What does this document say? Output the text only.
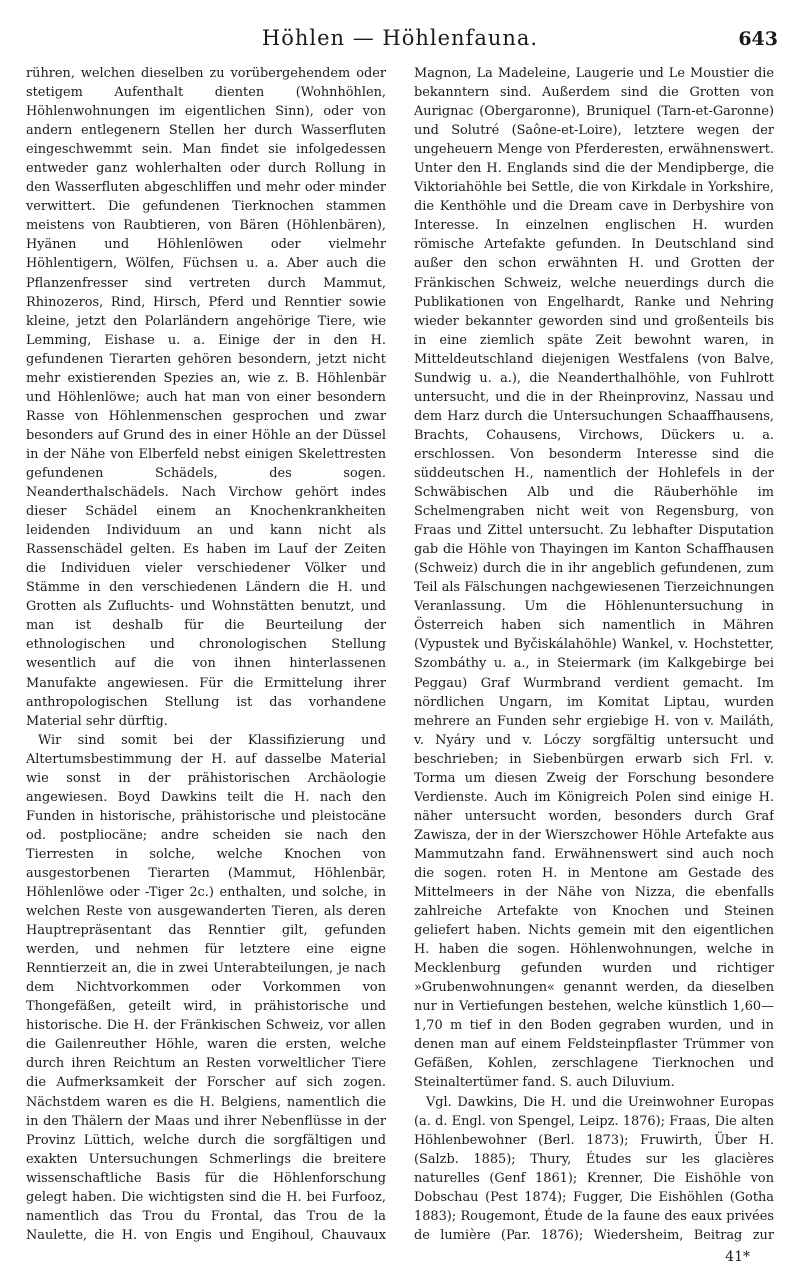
Höhlen — Höhlenfauna.	643

rühren, welchen dieselben zu vorübergehendem oder stetigem Aufenthalt dienten (Wohnhöhlen, Höhlenwohnungen im eigentlichen Sinn), oder von andern entlegenern Stellen her durch Wasserfluten eingeschwemmt sein. Man findet sie infolgedessen entweder ganz wohlerhalten oder durch Rollung in den Wasserfluten abgeschliffen und mehr oder minder verwittert. Die gefundenen Tierknochen stammen meistens von Raubtieren, von Bären (Höhlenbären), Hyänen und Höhlenlöwen oder vielmehr Höhlentigern, Wölfen, Füchsen u. a. Aber auch die Pflanzenfresser sind vertreten durch Mammut, Rhinozeros, Rind, Hirsch, Pferd und Renntier sowie kleine, jetzt den Polarländern angehörige Tiere, wie Lemming, Eishase u. a. Einige der in den H. gefundenen Tierarten gehören besondern, jetzt nicht mehr existierenden Spezies an, wie z. B. Höhlenbär und Höhlenlöwe; auch hat man von einer besondern Rasse von Höhlenmenschen gesprochen und zwar besonders auf Grund des in einer Höhle an der Düssel in der Nähe von Elberfeld nebst einigen Skelettresten gefundenen Schädels, des sogen. Neanderthalschädels. Nach Virchow gehört indes dieser Schädel einem an Knochenkrankheiten leidenden Individuum an und kann nicht als Rassenschädel gelten. Es haben im Lauf der Zeiten die Individuen vieler verschiedener Völker und Stämme in den verschiedenen Ländern die H. und Grotten als Zufluchts- und Wohnstätten benutzt, und man ist deshalb für die Beurteilung der ethnologischen und chronologischen Stellung wesentlich auf die von ihnen hinterlassenen Manufakte angewiesen. Für die Ermittelung ihrer anthropologischen Stellung ist das vorhandene Material sehr dürftig.

Wir sind somit bei der Klassifizierung und Altertumsbestimmung der H. auf dasselbe Material wie sonst in der prähistorischen Archäologie angewiesen. Boyd Dawkins teilt die H. nach den Funden in historische, prähistorische und pleistocäne od. postpliocäne; andre scheiden sie nach den Tierresten in solche, welche Knochen von ausgestorbenen Tierarten (Mammut, Höhlenbär, Höhlenlöwe oder -Tiger 2c.) enthalten, und solche, in welchen Reste von ausgewanderten Tieren, als deren Hauptrepräsentant das Renntier gilt, gefunden werden, und nehmen für letztere eine eigne Renntierzeit an, die in zwei Unterabteilungen, je nach dem Nichtvorkommen oder Vorkommen von Thongefäßen, geteilt wird, in prähistorische und historische. Die H. der Fränkischen Schweiz, vor allen die Gailenreuther Höhle, waren die ersten, welche durch ihren Reichtum an Resten vorweltlicher Tiere die Aufmerksamkeit der Forscher auf sich zogen. Nächstdem waren es die H. Belgiens, namentlich die in den Thälern der Maas und ihrer Nebenflüsse in der Provinz Lüttich, welche durch die sorgfältigen und exakten Untersuchungen Schmerlings die breitere wissenschaftliche Basis für die Höhlenforschung gelegt haben. Die wichtigsten sind die H. bei Furfooz, namentlich das Trou du Frontal, das Trou de la Naulette, die H. von Engis und Engihoul, Chauvaux

Magnon, La Madeleine, Laugerie und Le Moustier die bekanntern sind. Außerdem sind die Grotten von Aurignac (Obergaronne), Bruniquel (Tarn-et-Garonne) und Solutré (Saône-et-Loire), letztere wegen der ungeheuern Menge von Pferderesten, erwähnenswert. Unter den H. Englands sind die der Mendipberge, die Viktoriahöhle bei Settle, die von Kirkdale in Yorkshire, die Kenthöhle und die Dream cave in Derbyshire von Interesse. In einzelnen englischen H. wurden römische Artefakte gefunden. In Deutschland sind außer den schon erwähnten H. und Grotten der Fränkischen Schweiz, welche neuerdings durch die Publikationen von Engelhardt, Ranke und Nehring wieder bekannter geworden sind und großenteils bis in eine ziemlich späte Zeit bewohnt waren, in Mitteldeutschland diejenigen Westfalens (von Balve, Sundwig u. a.), die Neanderthalhöhle, von Fuhlrott untersucht, und die in der Rheinprovinz, Nassau und dem Harz durch die Untersuchungen Schaaffhausens, Brachts, Cohausens, Virchows, Dückers u. a. erschlossen. Von besonderm Interesse sind die süddeutschen H., namentlich der Hohlefels in der Schwäbischen Alb und die Räuberhöhle im Schelmengraben nicht weit von Regensburg, von Fraas und Zittel untersucht. Zu lebhafter Disputation gab die Höhle von Thayingen im Kanton Schaffhausen (Schweiz) durch die in ihr angeblich gefundenen, zum Teil als Fälschungen nachgewiesenen Tierzeichnungen Veranlassung. Um die Höhlenuntersuchung in Österreich haben sich namentlich in Mähren (Vypustek und Byčiskálahöhle) Wankel, v. Hochstetter, Szombáthy u. a., in Steiermark (im Kalkgebirge bei Peggau) Graf Wurmbrand verdient gemacht. Im nördlichen Ungarn, im Komitat Liptau, wurden mehrere an Funden sehr ergiebige H. von v. Mailáth, v. Nyáry und v. Lóczy sorgfältig untersucht und beschrieben; in Siebenbürgen erwarb sich Frl. v. Torma um diesen Zweig der Forschung besondere Verdienste. Auch im Königreich Polen sind einige H. näher untersucht worden, besonders durch Graf Zawisza, der in der Wierszchower Höhle Artefakte aus Mammutzahn fand. Erwähnenswert sind auch noch die sogen. roten H. in Mentone am Gestade des Mittelmeers in der Nähe von Nizza, die ebenfalls zahlreiche Artefakte von Knochen und Steinen geliefert haben. Nichts gemein mit den eigentlichen H. haben die sogen. Höhlenwohnungen, welche in Mecklenburg gefunden wurden und richtiger »Grubenwohnungen« genannt werden, da dieselben nur in Vertiefungen bestehen, welche künstlich 1,60—1,70 m tief in den Boden gegraben wurden, und in denen man auf einem Feldsteinpflaster Trümmer von Gefäßen, Kohlen, zerschlagene Tierknochen und Steinaltertümer fand. S. auch Diluvium.

Vgl. Dawkins, Die H. und die Ureinwohner Europas (a. d. Engl. von Spengel, Leipz. 1876); Fraas, Die alten Höhlenbewohner (Berl. 1873); Fruwirth, Über H. (Salzb. 1885); Thury, Études sur les glacières naturelles (Genf 1861); Krenner, Die Eishöhle von Dobschau (Pest 1874); Fugger, Die Eishöhlen (Gotha 1883); Rougemont, Étude de la faune des eaux privées de lumière (Par. 1876); Wiedersheim, Beitrag zur

41*
